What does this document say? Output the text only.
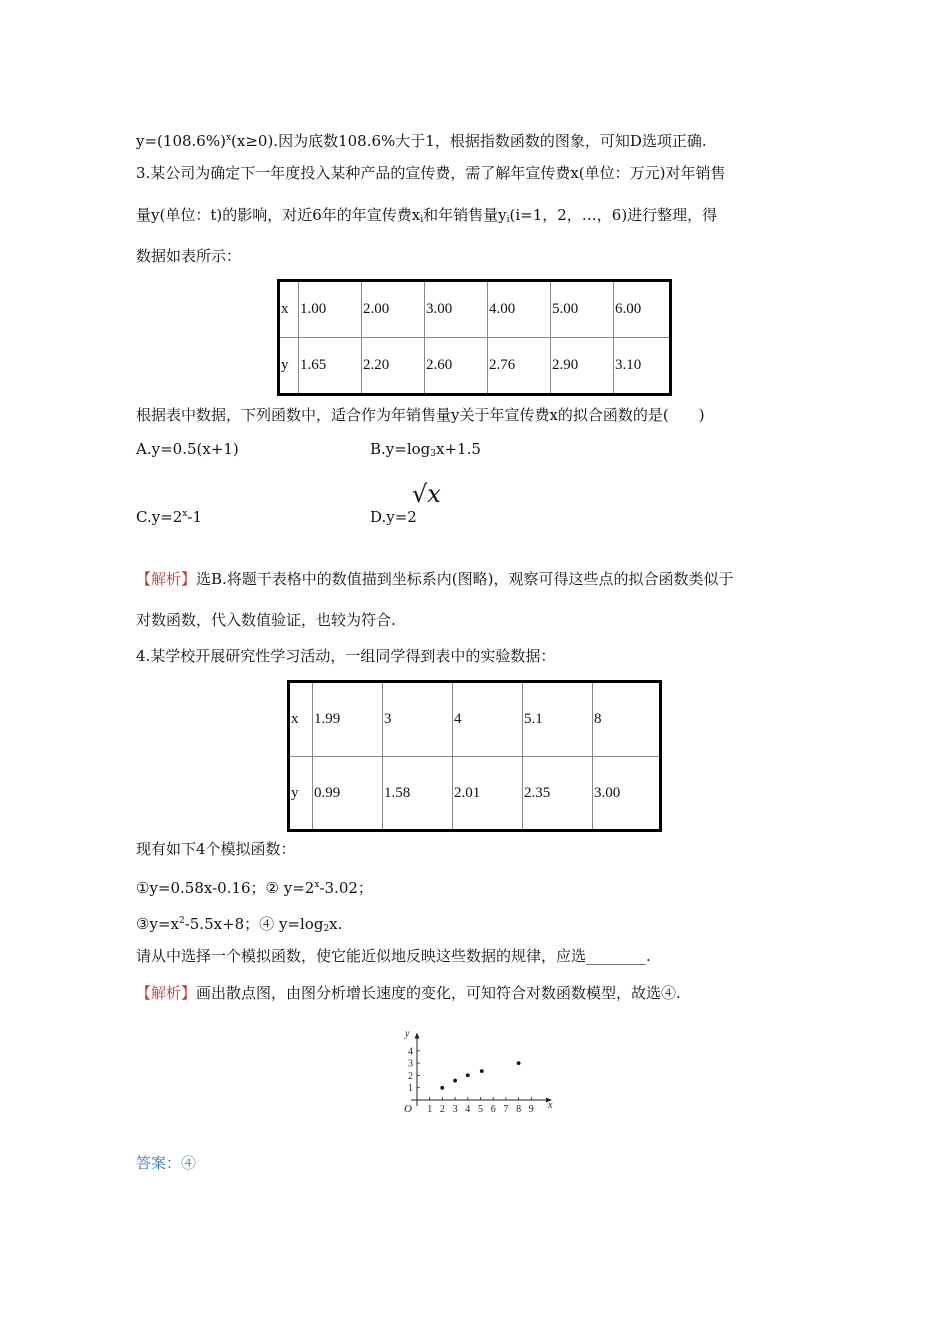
$y=(108.6\%)^x(x\ge 0)$.因为底数108.6%大于1，根据指数函数的图象，可知D选项正确.
3.某公司为确定下一年度投入某种产品的宣传费，需了解年宣传费x(单位：万元)对年销售
量y(单位：t)的影响，对近6年的年宣传费$x_i$和年销售量$y_i(i=1$，2，…，6)进行整理，得
数据如表所示：
x	1.00	2.00	3.00	4.00	5.00	6.00
y	1.65	2.20	2.60	2.76	2.90	3.10
根据表中数据，下列函数中，适合作为年销售量y关于年宣传费x的拟合函数的是(　　)
A.y=0.5(x+1)	$B.y=\log_3x+1.5$
$C.y=2^x-1$	D.y=2
√x
【解析】选B.将题干表格中的数值描到坐标系内(图略)，观察可得这些点的拟合函数类似于
对数函数，代入数值验证，也较为符合.
4.某学校开展研究性学习活动，一组同学得到表中的实验数据：
x	1.99	3	4	5.1	8
y	0.99	1.58	2.01	2.35	3.00
现有如下4个模拟函数：
①y=0.58x-0.16；② $y=2^x-3.02$；
$③y=x^2-5.5x+8$；④ $y=\log_2x$.
请从中选择一个模拟函数，使它能近似地反映这些数据的规律，应选________.
【解析】画出散点图，由图分析增长速度的变化，可知符合对数函数模型，故选④.
x
y
O 1 2 3 4 5 6 7 8 9
1
2
3
4
答案：④
